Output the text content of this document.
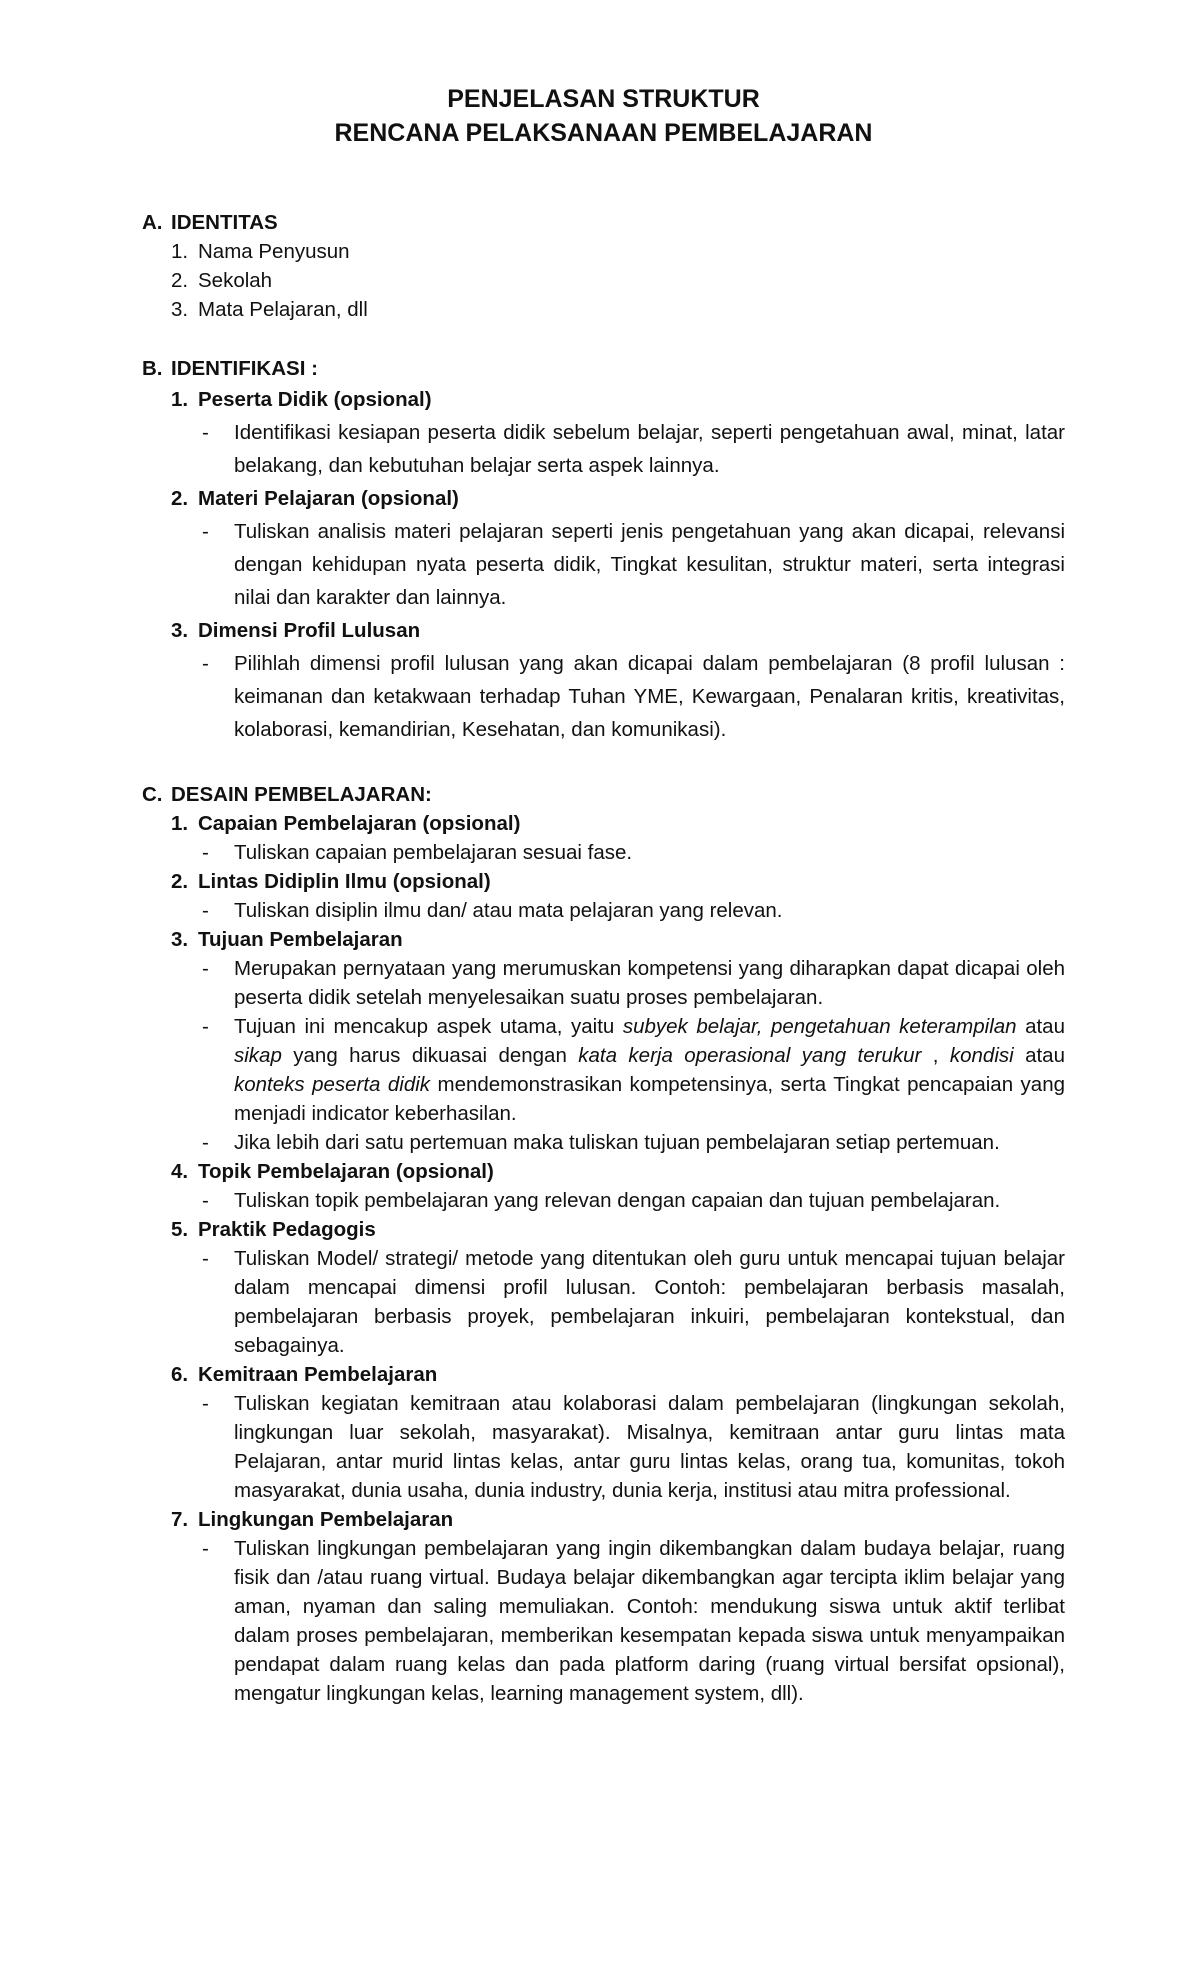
PENJELASAN STRUKTUR
RENCANA PELAKSANAAN PEMBELAJARAN
A. IDENTITAS
1. Nama Penyusun
2. Sekolah
3. Mata Pelajaran, dll
B. IDENTIFIKASI :
1. Peserta Didik (opsional)
- Identifikasi kesiapan peserta didik sebelum belajar, seperti pengetahuan awal, minat, latar belakang, dan kebutuhan belajar serta aspek lainnya.
2. Materi Pelajaran (opsional)
- Tuliskan analisis materi pelajaran seperti jenis pengetahuan yang akan dicapai, relevansi dengan kehidupan nyata peserta didik, Tingkat kesulitan, struktur materi, serta integrasi nilai dan karakter dan lainnya.
3. Dimensi Profil Lulusan
- Pilihlah dimensi profil lulusan yang akan dicapai dalam pembelajaran (8 profil lulusan : keimanan dan ketakwaan terhadap Tuhan YME, Kewargaan, Penalaran kritis, kreativitas, kolaborasi, kemandirian, Kesehatan, dan komunikasi).
C. DESAIN PEMBELAJARAN:
1. Capaian Pembelajaran (opsional)
- Tuliskan capaian pembelajaran sesuai fase.
2. Lintas Didiplin Ilmu (opsional)
- Tuliskan disiplin ilmu dan/ atau mata pelajaran yang relevan.
3. Tujuan Pembelajaran
- Merupakan pernyataan yang merumuskan kompetensi yang diharapkan dapat dicapai oleh peserta didik setelah menyelesaikan suatu proses pembelajaran.
- Tujuan ini mencakup aspek utama, yaitu subyek belajar, pengetahuan keterampilan atau sikap yang harus dikuasai dengan kata kerja operasional yang terukur , kondisi atau konteks peserta didik mendemonstrasikan kompetensinya, serta Tingkat pencapaian yang menjadi indicator keberhasilan.
- Jika lebih dari satu pertemuan maka tuliskan tujuan pembelajaran setiap pertemuan.
4. Topik Pembelajaran (opsional)
- Tuliskan topik pembelajaran yang relevan dengan capaian dan tujuan pembelajaran.
5. Praktik Pedagogis
- Tuliskan Model/ strategi/ metode yang ditentukan oleh guru untuk mencapai tujuan belajar dalam mencapai dimensi profil lulusan. Contoh: pembelajaran berbasis masalah, pembelajaran berbasis proyek, pembelajaran inkuiri, pembelajaran kontekstual, dan sebagainya.
6. Kemitraan Pembelajaran
- Tuliskan kegiatan kemitraan atau kolaborasi dalam pembelajaran (lingkungan sekolah, lingkungan luar sekolah, masyarakat). Misalnya, kemitraan antar guru lintas mata Pelajaran, antar murid lintas kelas, antar guru lintas kelas, orang tua, komunitas, tokoh masyarakat, dunia usaha, dunia industry, dunia kerja, institusi atau mitra professional.
7. Lingkungan Pembelajaran
- Tuliskan lingkungan pembelajaran yang ingin dikembangkan dalam budaya belajar, ruang fisik dan /atau ruang virtual. Budaya belajar dikembangkan agar tercipta iklim belajar yang aman, nyaman dan saling memuliakan. Contoh: mendukung siswa untuk aktif terlibat dalam proses pembelajaran, memberikan kesempatan kepada siswa untuk menyampaikan pendapat dalam ruang kelas dan pada platform daring (ruang virtual bersifat opsional), mengatur lingkungan kelas, learning management system, dll).
